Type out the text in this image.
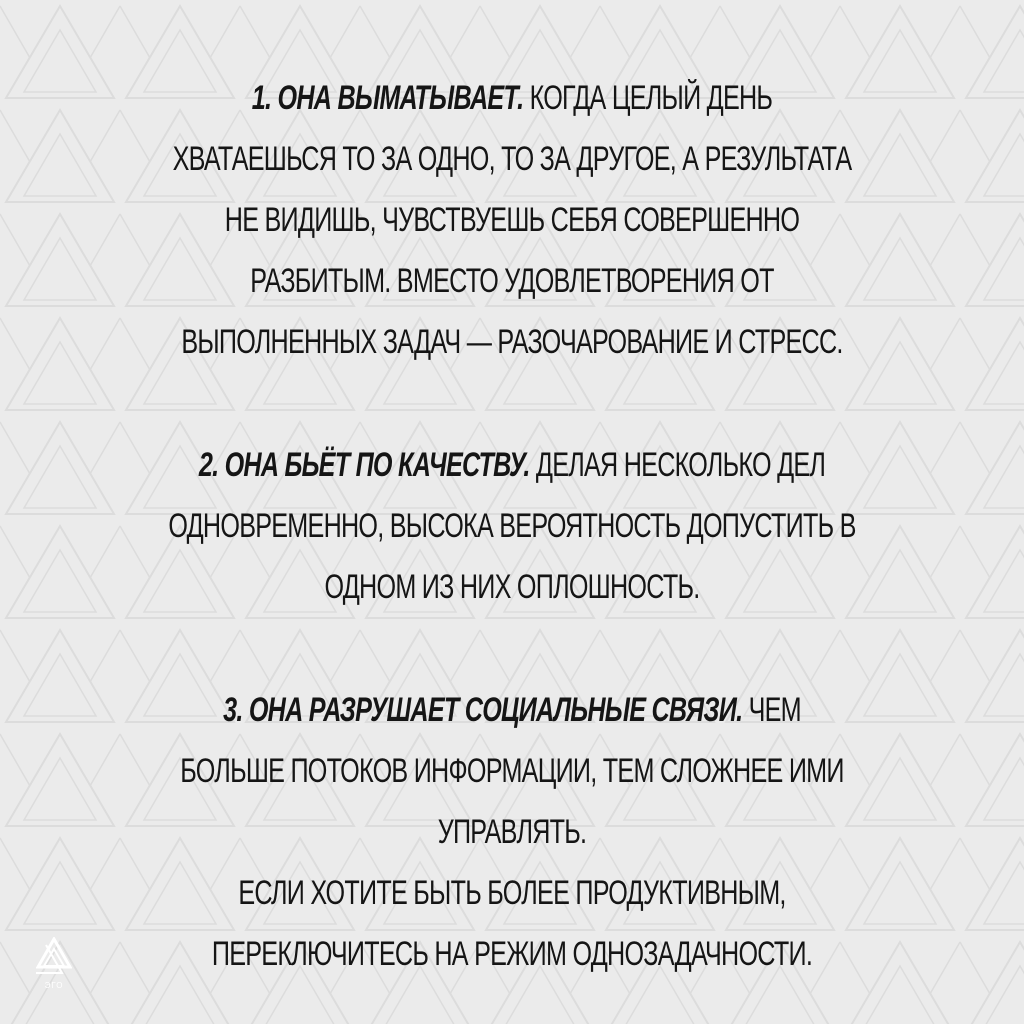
1. ОНА ВЫМАТЫВАЕТ. КОГДА ЦЕЛЫЙ ДЕНЬ
ХВАТАЕШЬСЯ ТО ЗА ОДНО, ТО ЗА ДРУГОЕ, А РЕЗУЛЬТАТА
НЕ ВИДИШЬ, ЧУВСТВУЕШЬ СЕБЯ СОВЕРШЕННО
РАЗБИТЫМ. ВМЕСТО УДОВЛЕТВОРЕНИЯ ОТ
ВЫПОЛНЕННЫХ ЗАДАЧ — РАЗОЧАРОВАНИЕ И СТРЕСС.
2. ОНА БЬЁТ ПО КАЧЕСТВУ. ДЕЛАЯ НЕСКОЛЬКО ДЕЛ
ОДНОВРЕМЕННО, ВЫСОКА ВЕРОЯТНОСТЬ ДОПУСТИТЬ В
ОДНОМ ИЗ НИХ ОПЛОШНОСТЬ.
3. ОНА РАЗРУШАЕТ СОЦИАЛЬНЫЕ СВЯЗИ. ЧЕМ
БОЛЬШЕ ПОТОКОВ ИНФОРМАЦИИ, ТЕМ СЛОЖНЕЕ ИМИ
УПРАВЛЯТЬ.
ЕСЛИ ХОТИТЕ БЫТЬ БОЛЕЕ ПРОДУКТИВНЫМ,
ПЕРЕКЛЮЧИТЕСЬ НА РЕЖИМ ОДНОЗАДАЧНОСТИ.
ЭГО
